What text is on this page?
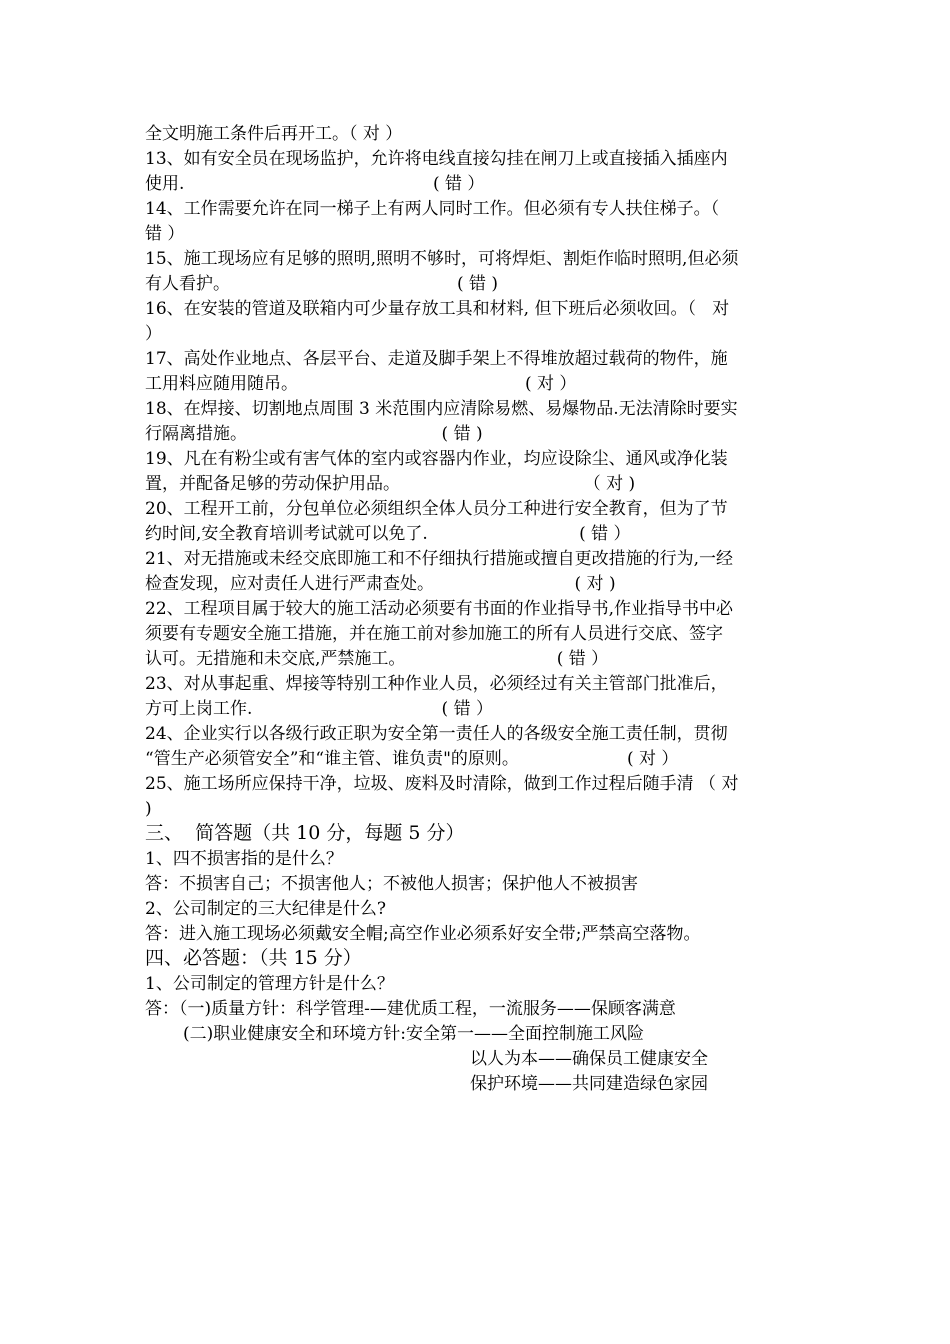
全文明施工条件后再开工。（ 对 ）
13、如有安全员在现场监护，允许将电线直接勾挂在闸刀上或直接插入插座内
使用.                                              ( 错 ）
14、工作需要允许在同一梯子上有两人同时工作。但必须有专人扶住梯子。（
错 ）
15、施工现场应有足够的照明,照明不够时，可将焊炬、割炬作临时照明,但必须
有人看护。                                          ( 错 )
16、在安装的管道及联箱内可少量存放工具和材料, 但下班后必须收回。（   对
）
17、高处作业地点、各层平台、走道及脚手架上不得堆放超过载荷的物件，施
工用料应随用随吊。                                          ( 对 ）
18、在焊接、切割地点周围 3 米范围内应清除易燃、易爆物品.无法清除时要实
行隔离措施。                                    ( 错 )
19、凡在有粉尘或有害气体的室内或容器内作业，均应设除尘、通风或净化装
置，并配备足够的劳动保护用品。                                  （ 对 )
20、工程开工前，分包单位必须组织全体人员分工种进行安全教育，但为了节
约时间,安全教育培训考试就可以免了.                            ( 错 ）
21、对无措施或未经交底即施工和不仔细执行措施或擅自更改措施的行为,一经
检查发现，应对责任人进行严肃查处。                          ( 对 )
22、工程项目属于较大的施工活动必须要有书面的作业指导书,作业指导书中必
须要有专题安全施工措施，并在施工前对参加施工的所有人员进行交底、签字
认可。无措施和未交底,严禁施工。                            ( 错 ）
23、对从事起重、焊接等特别工种作业人员，必须经过有关主管部门批准后，
方可上岗工作.                                   ( 错 ）
24、企业实行以各级行政正职为安全第一责任人的各级安全施工责任制，贯彻
“管生产必须管安全”和“谁主管、谁负责"的原则。                    ( 对 ）
25、施工场所应保持干净，垃圾、废料及时清除，做到工作过程后随手清 （ 对
)
三、  简答题（共 10 分，每题 5 分）
1、四不损害指的是什么？
答：不损害自己；不损害他人；不被他人损害；保护他人不被损害
2、公司制定的三大纪律是什么?
答：进入施工现场必须戴安全帽;高空作业必须系好安全带;严禁高空落物。
四、必答题：（共 15 分）
1、公司制定的管理方针是什么？
答：（一)质量方针：科学管理-—建优质工程，一流服务——保顾客满意
(二)职业健康安全和环境方针:安全第一——全面控制施工风险
以人为本——确保员工健康安全
保护环境——共同建造绿色家园
